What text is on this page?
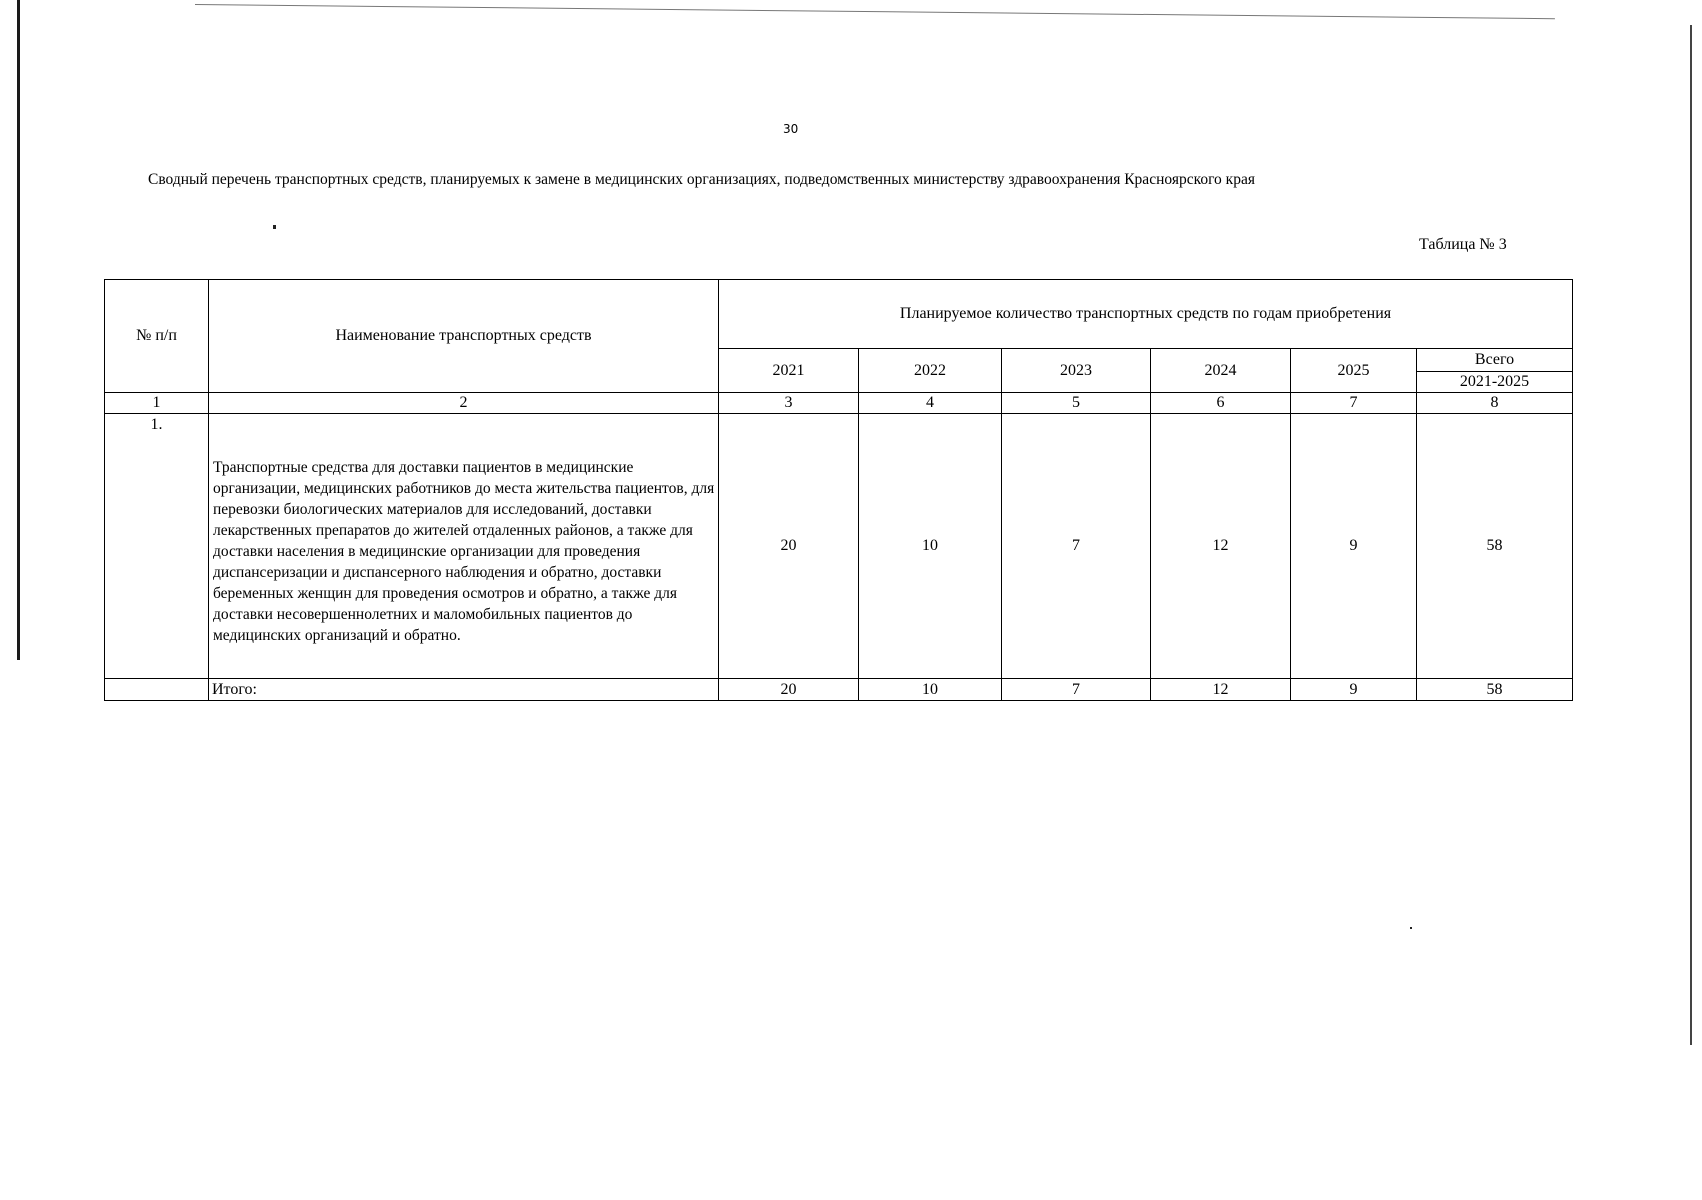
30
Сводный перечень транспортных средств, планируемых к замене в медицинских организациях, подведомственных министерству здравоохранения Красноярского края
Таблица № 3
№ п/п	Наименование транспортных средств	Планируемое количество транспортных средств по годам приобретения					

		2021	2022	2023	2024	2025	Всего
							2021-2025
1	2	3	4	5	6	7	8
1.	Транспортные средства для доставки пациентов в медицинские организации, медицинских работников до места жительства пациентов, для перевозки биологических материалов для исследований, доставки лекарственных препаратов до жителей отдаленных районов, а также для доставки населения в медицинские организации для проведения диспансеризации и диспансерного наблюдения и обратно, доставки беременных женщин для проведения осмотров и обратно, а также для доставки несовершеннолетних и маломобильных пациентов до медицинских организаций и обратно.	20	10	7	12	9	58
	Итого:	20	10	7	12	9	58
